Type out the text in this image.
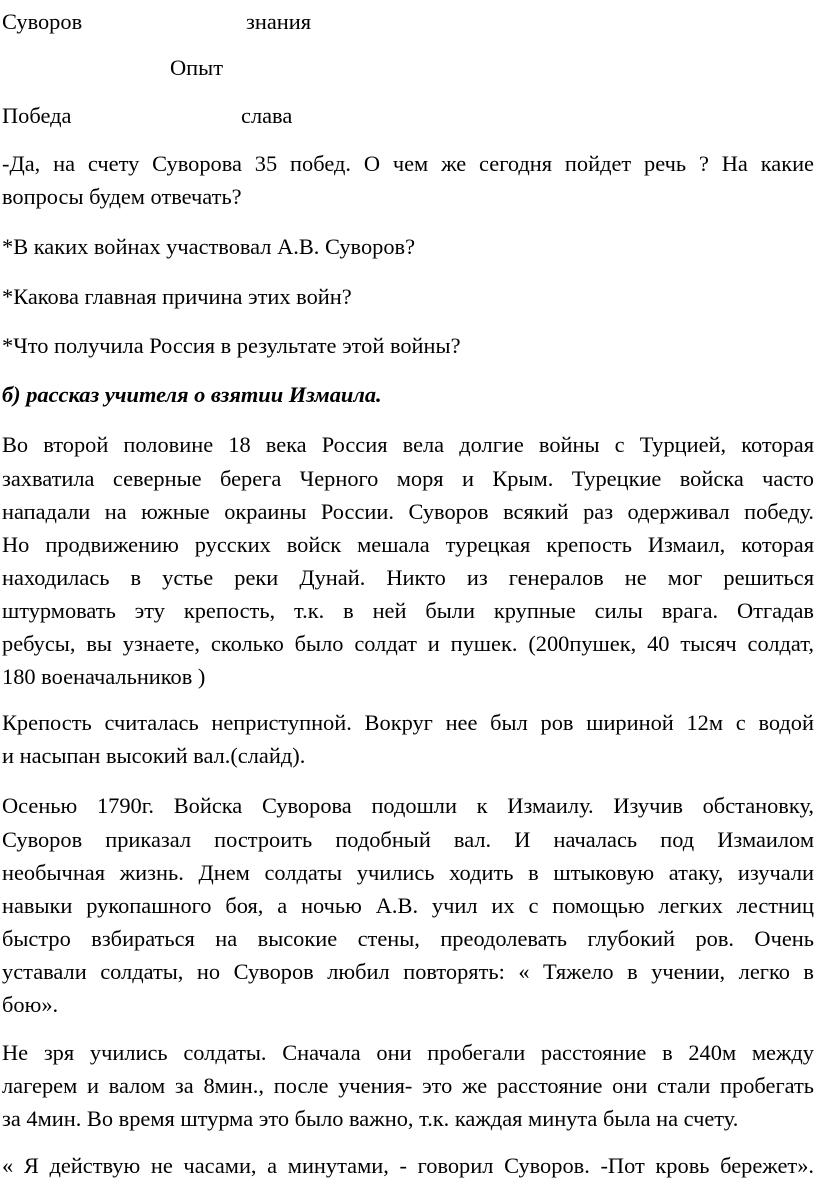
Суворов	знания
Опыт
Победа	слава
-Да, на счету Суворова 35 побед. О чем же сегодня пойдет речь ? На какие
вопросы будем отвечать?
*В каких войнах участвовал А.В. Суворов?
*Какова главная причина этих войн?
*Что получила Россия в результате этой войны?
б) рассказ учителя о взятии Измаила.
Во второй половине 18 века Россия вела долгие войны с Турцией, которая
захватила северные берега Черного моря и Крым. Турецкие войска часто
нападали на южные окраины России. Суворов всякий раз одерживал победу.
Но продвижению русских войск мешала турецкая крепость Измаил, которая
находилась в устье реки Дунай. Никто из генералов не мог решиться
штурмовать эту крепость, т.к. в ней были крупные силы врага. Отгадав
ребусы, вы узнаете, сколько было солдат и пушек. (200пушек, 40 тысяч солдат,
180 военачальников )
Крепость считалась неприступной. Вокруг нее был ров шириной 12м с водой
и насыпан высокий вал.(слайд).
Осенью 1790г. Войска Суворова подошли к Измаилу. Изучив обстановку,
Суворов приказал построить подобный вал. И началась под Измаилом
необычная жизнь. Днем солдаты учились ходить в штыковую атаку, изучали
навыки рукопашного боя, а ночью А.В. учил их с помощью легких лестниц
быстро взбираться на высокие стены, преодолевать глубокий ров. Очень
уставали солдаты, но Суворов любил повторять: « Тяжело в учении, легко в
бою».
Не зря учились солдаты. Сначала они пробегали расстояние в 240м между
лагерем и валом за 8мин., после учения- это же расстояние они стали пробегать
за 4мин. Во время штурма это было важно, т.к. каждая минута была на счету.
« Я действую не часами, а минутами, - говорил Суворов. -Пот кровь бережет».
